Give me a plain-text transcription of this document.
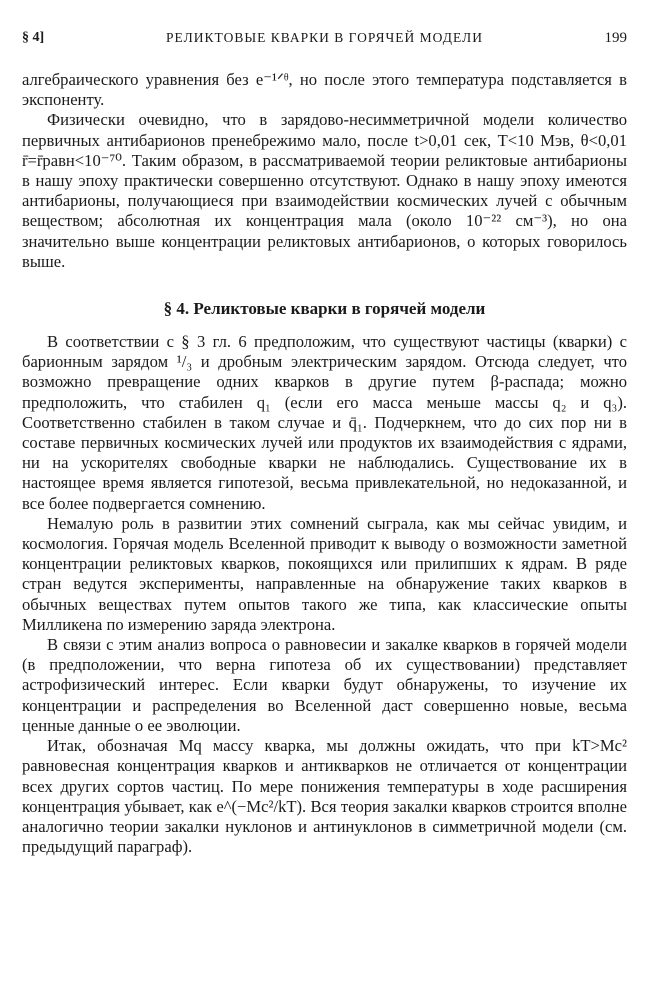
§ 4]	РЕЛИКТОВЫЕ КВАРКИ В ГОРЯЧЕЙ МОДЕЛИ	199

алгебраического уравнения без e⁻¹ᐟᶿ, но после этого температура подставляется в экспоненту.

Физически очевидно, что в зарядово-несимметричной модели количество первичных антибарионов пренебрежимо мало, после t>0,01 сек, T<10 Мэв, θ<0,01 r̄=r̄равн<10⁻⁷⁰. Таким образом, в рассматриваемой теории реликтовые антибарионы в нашу эпоху практически совершенно отсутствуют. Однако в нашу эпоху имеются антибарионы, получающиеся при взаимодействии космических лучей с обычным веществом; абсолютная их концентрация мала (около 10⁻²² см⁻³), но она значительно выше концентрации реликтовых антибарионов, о которых говорилось выше.

§ 4. Реликтовые кварки в горячей модели

В соответствии с § 3 гл. 6 предположим, что существуют частицы (кварки) с барионным зарядом ¹/₃ и дробным электрическим зарядом. Отсюда следует, что возможно превращение одних кварков в другие путем β-распада; можно предположить, что стабилен q₁ (если его масса меньше массы q₂ и q₃). Соответственно стабилен в таком случае и q̄₁. Подчеркнем, что до сих пор ни в составе первичных космических лучей или продуктов их взаимодействия с ядрами, ни на ускорителях свободные кварки не наблюдались. Существование их в настоящее время является гипотезой, весьма привлекательной, но недоказанной, и все более подвергается сомнению.

Немалую роль в развитии этих сомнений сыграла, как мы сейчас увидим, и космология. Горячая модель Вселенной приводит к выводу о возможности заметной концентрации реликтовых кварков, покоящихся или прилипших к ядрам. В ряде стран ведутся эксперименты, направленные на обнаружение таких кварков в обычных веществах путем опытов такого же типа, как классические опыты Милликена по измерению заряда электрона.

В связи с этим анализ вопроса о равновесии и закалке кварков в горячей модели (в предположении, что верна гипотеза об их существовании) представляет астрофизический интерес. Если кварки будут обнаружены, то изучение их концентрации и распределения во Вселенной даст совершенно новые, весьма ценные данные о ее эволюции.

Итак, обозначая Mq массу кварка, мы должны ожидать, что при kT>Mc² равновесная концентрация кварков и антикварков не отличается от концентрации всех других сортов частиц. По мере понижения температуры в ходе расширения концентрация убывает, как e^(−Mc²/kT). Вся теория закалки кварков строится вполне аналогично теории закалки нуклонов и антинуклонов в симметричной модели (см. предыдущий параграф).
